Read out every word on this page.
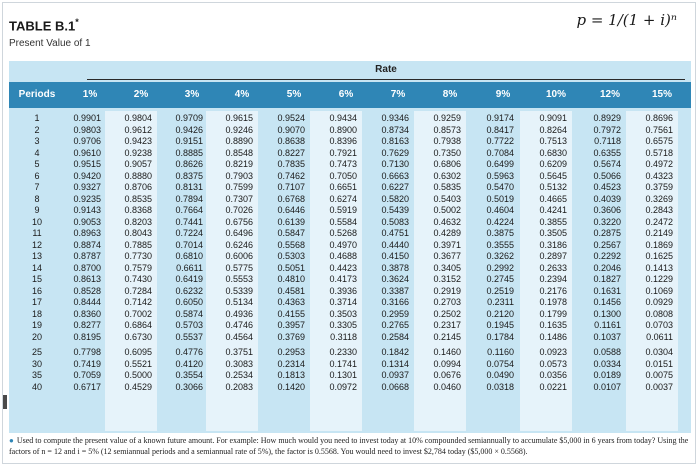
TABLE B.1*
Present Value of 1
p = 1/(1 + i)ⁿ
Rate
Periods	1%	2%	3%	4%	5%	6%	7%	8%	9%	10%	12%	15%
1	0.9901	0.9804	0.9709	0.9615	0.9524	0.9434	0.9346	0.9259	0.9174	0.9091	0.8929	0.8696
2	0.9803	0.9612	0.9426	0.9246	0.9070	0.8900	0.8734	0.8573	0.8417	0.8264	0.7972	0.7561
3	0.9706	0.9423	0.9151	0.8890	0.8638	0.8396	0.8163	0.7938	0.7722	0.7513	0.7118	0.6575
4	0.9610	0.9238	0.8885	0.8548	0.8227	0.7921	0.7629	0.7350	0.7084	0.6830	0.6355	0.5718
5	0.9515	0.9057	0.8626	0.8219	0.7835	0.7473	0.7130	0.6806	0.6499	0.6209	0.5674	0.4972
6	0.9420	0.8880	0.8375	0.7903	0.7462	0.7050	0.6663	0.6302	0.5963	0.5645	0.5066	0.4323
7	0.9327	0.8706	0.8131	0.7599	0.7107	0.6651	0.6227	0.5835	0.5470	0.5132	0.4523	0.3759
8	0.9235	0.8535	0.7894	0.7307	0.6768	0.6274	0.5820	0.5403	0.5019	0.4665	0.4039	0.3269
9	0.9143	0.8368	0.7664	0.7026	0.6446	0.5919	0.5439	0.5002	0.4604	0.4241	0.3606	0.2843
10	0.9053	0.8203	0.7441	0.6756	0.6139	0.5584	0.5083	0.4632	0.4224	0.3855	0.3220	0.2472
11	0.8963	0.8043	0.7224	0.6496	0.5847	0.5268	0.4751	0.4289	0.3875	0.3505	0.2875	0.2149
12	0.8874	0.7885	0.7014	0.6246	0.5568	0.4970	0.4440	0.3971	0.3555	0.3186	0.2567	0.1869
13	0.8787	0.7730	0.6810	0.6006	0.5303	0.4688	0.4150	0.3677	0.3262	0.2897	0.2292	0.1625
14	0.8700	0.7579	0.6611	0.5775	0.5051	0.4423	0.3878	0.3405	0.2992	0.2633	0.2046	0.1413
15	0.8613	0.7430	0.6419	0.5553	0.4810	0.4173	0.3624	0.3152	0.2745	0.2394	0.1827	0.1229
16	0.8528	0.7284	0.6232	0.5339	0.4581	0.3936	0.3387	0.2919	0.2519	0.2176	0.1631	0.1069
17	0.8444	0.7142	0.6050	0.5134	0.4363	0.3714	0.3166	0.2703	0.2311	0.1978	0.1456	0.0929
18	0.8360	0.7002	0.5874	0.4936	0.4155	0.3503	0.2959	0.2502	0.2120	0.1799	0.1300	0.0808
19	0.8277	0.6864	0.5703	0.4746	0.3957	0.3305	0.2765	0.2317	0.1945	0.1635	0.1161	0.0703
20	0.8195	0.6730	0.5537	0.4564	0.3769	0.3118	0.2584	0.2145	0.1784	0.1486	0.1037	0.0611
25	0.7798	0.6095	0.4776	0.3751	0.2953	0.2330	0.1842	0.1460	0.1160	0.0923	0.0588	0.0304
30	0.7419	0.5521	0.4120	0.3083	0.2314	0.1741	0.1314	0.0994	0.0754	0.0573	0.0334	0.0151
35	0.7059	0.5000	0.3554	0.2534	0.1813	0.1301	0.0937	0.0676	0.0490	0.0356	0.0189	0.0075
40	0.6717	0.4529	0.3066	0.2083	0.1420	0.0972	0.0668	0.0460	0.0318	0.0221	0.0107	0.0037
● Used to compute the present value of a known future amount. For example: How much would you need to invest today at 10% compounded semiannually to accumulate $5,000 in 6 years from today? Using the factors of n = 12 and i = 5% (12 semiannual periods and a semiannual rate of 5%), the factor is 0.5568. You would need to invest $2,784 today ($5,000 × 0.5568).
